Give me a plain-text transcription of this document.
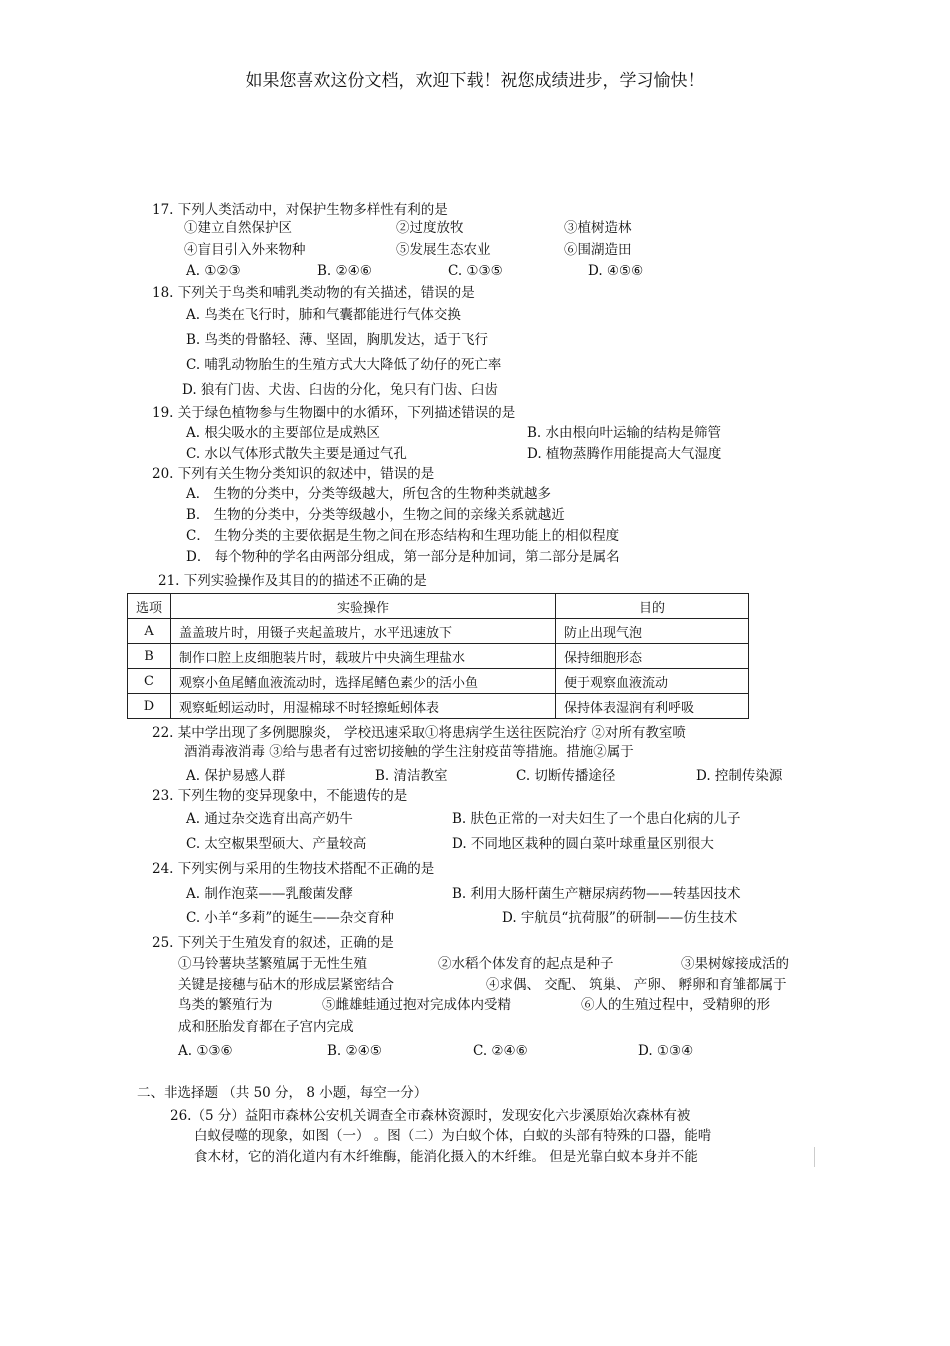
如果您喜欢这份文档，欢迎下载！祝您成绩进步，学习愉快！
17. 下列人类活动中，对保护生物多样性有利的是
①建立自然保护区	②过度放牧	③植树造林
④盲目引入外来物种	⑤发展生态农业	⑥围湖造田
A. ①②③	B. ②④⑥	C. ①③⑤	D. ④⑤⑥
18. 下列关于鸟类和哺乳类动物的有关描述，错误的是
A. 鸟类在飞行时，肺和气囊都能进行气体交换
B. 鸟类的骨骼轻、薄、坚固，胸肌发达，适于飞行
C. 哺乳动物胎生的生殖方式大大降低了幼仔的死亡率
D. 狼有门齿、犬齿、臼齿的分化，兔只有门齿、臼齿
19. 关于绿色植物参与生物圈中的水循环，下列描述错误的是
A. 根尖吸水的主要部位是成熟区	B. 水由根向叶运输的结构是筛管
C. 水以气体形式散失主要是通过气孔	D. 植物蒸腾作用能提高大气湿度
20. 下列有关生物分类知识的叙述中，错误的是
A． 生物的分类中，分类等级越大，所包含的生物种类就越多
B． 生物的分类中，分类等级越小，生物之间的亲缘关系就越近
C． 生物分类的主要依据是生物之间在形态结构和生理功能上的相似程度
D． 每个物种的学名由两部分组成，第一部分是种加词，第二部分是属名
21. 下列实验操作及其目的的描述不正确的是
选项	实验操作	目的
A	盖盖玻片时，用镊子夹起盖玻片，水平迅速放下	防止出现气泡
B	制作口腔上皮细胞装片时，载玻片中央滴生理盐水	保持细胞形态
C	观察小鱼尾鳍血液流动时，选择尾鳍色素少的活小鱼	便于观察血液流动
D	观察蚯蚓运动时，用湿棉球不时轻擦蚯蚓体表	保持体表湿润有利呼吸
22. 某中学出现了多例腮腺炎， 学校迅速采取①将患病学生送往医院治疗 ②对所有教室喷
酒消毒液消毒 ③给与患者有过密切接触的学生注射疫苗等措施。措施②属于
A. 保护易感人群	B. 清洁教室	C. 切断传播途径	D. 控制传染源
23. 下列生物的变异现象中，不能遗传的是
A. 通过杂交选育出高产奶牛	B. 肤色正常的一对夫妇生了一个患白化病的儿子
C. 太空椒果型硕大、产量较高	D. 不同地区栽种的圆白菜叶球重量区别很大
24. 下列实例与采用的生物技术搭配不正确的是
A. 制作泡菜——乳酸菌发酵	B. 利用大肠杆菌生产糖尿病药物——转基因技术
C. 小羊“多莉”的诞生——杂交育种	D. 宇航员“抗荷服”的研制——仿生技术
25. 下列关于生殖发育的叙述，正确的是
①马铃薯块茎繁殖属于无性生殖	②水稻个体发育的起点是种子	③果树嫁接成活的
关键是接穗与砧木的形成层紧密结合	④求偶、 交配、 筑巢、 产卵、 孵卵和育雏都属于
鸟类的繁殖行为	⑤雌雄蛙通过抱对完成体内受精	⑥人的生殖过程中，受精卵的形
成和胚胎发育都在子宫内完成
A. ①③⑥	B. ②④⑤	C. ②④⑥	D. ①③④
二、非选择题 （共 50 分， 8 小题，每空一分）
26.（5 分）益阳市森林公安机关调查全市森林资源时，发现安化六步溪原始次森林有被
白蚁侵噬的现象，如图（一） 。图（二）为白蚁个体，白蚁的头部有特殊的口器，能啃
食木材，它的消化道内有木纤维酶，能消化摄入的木纤维。 但是光靠白蚁本身并不能
